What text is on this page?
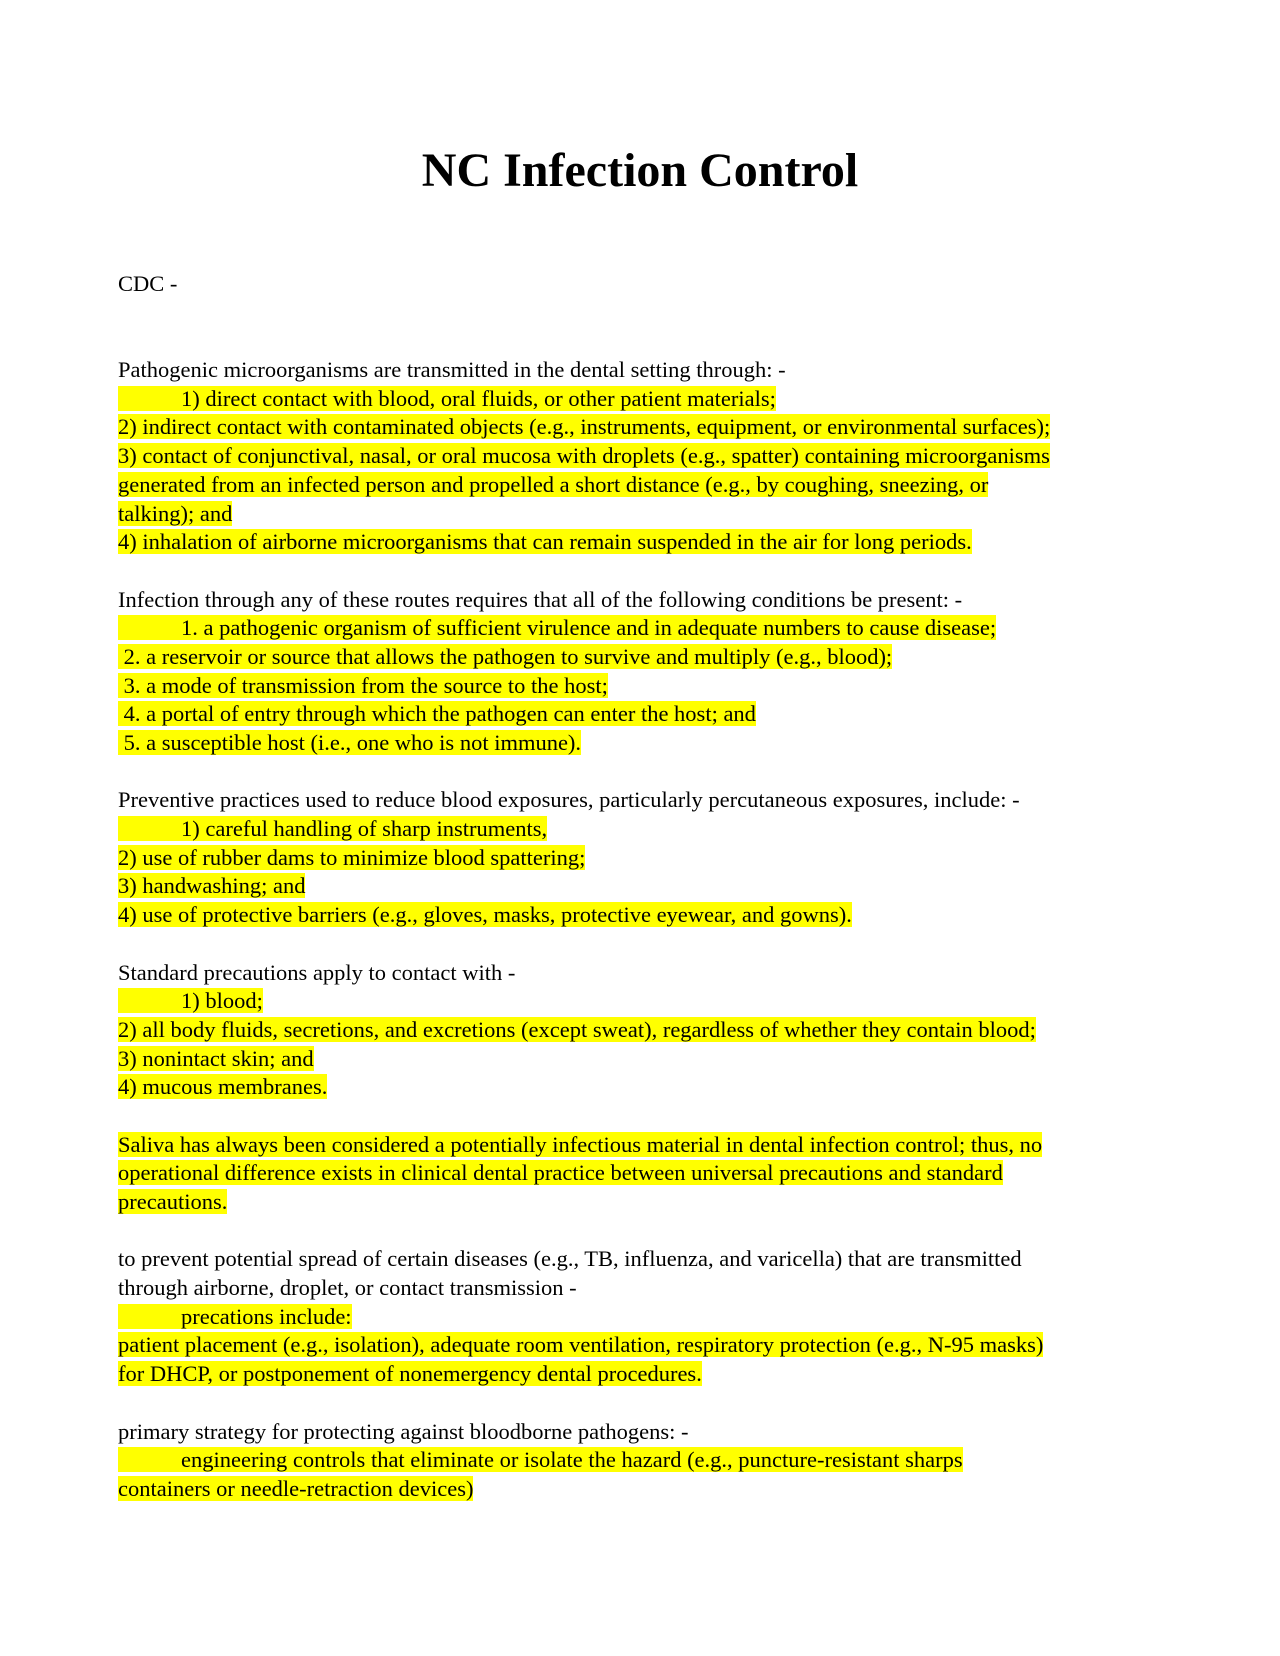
NC Infection Control
CDC -
Pathogenic microorganisms are transmitted in the dental setting through: -
1) direct contact with blood, oral fluids, or other patient materials;
2) indirect contact with contaminated objects (e.g., instruments, equipment, or environmental surfaces);
3) contact of conjunctival, nasal, or oral mucosa with droplets (e.g., spatter) containing microorganisms
generated from an infected person and propelled a short distance (e.g., by coughing, sneezing, or
talking); and
4) inhalation of airborne microorganisms that can remain suspended in the air for long periods.
Infection through any of these routes requires that all of the following conditions be present: -
1. a pathogenic organism of sufficient virulence and in adequate numbers to cause disease;
2. a reservoir or source that allows the pathogen to survive and multiply (e.g., blood);
3. a mode of transmission from the source to the host;
4. a portal of entry through which the pathogen can enter the host; and
5. a susceptible host (i.e., one who is not immune).
Preventive practices used to reduce blood exposures, particularly percutaneous exposures, include: -
1) careful handling of sharp instruments,
2) use of rubber dams to minimize blood spattering;
3) handwashing; and
4) use of protective barriers (e.g., gloves, masks, protective eyewear, and gowns).
Standard precautions apply to contact with -
1) blood;
2) all body fluids, secretions, and excretions (except sweat), regardless of whether they contain blood;
3) nonintact skin; and
4) mucous membranes.
Saliva has always been considered a potentially infectious material in dental infection control; thus, no
operational difference exists in clinical dental practice between universal precautions and standard
precautions.
to prevent potential spread of certain diseases (e.g., TB, influenza, and varicella) that are transmitted
through airborne, droplet, or contact transmission -
precations include:
patient placement (e.g., isolation), adequate room ventilation, respiratory protection (e.g., N-95 masks)
for DHCP, or postponement of nonemergency dental procedures.
primary strategy for protecting against bloodborne pathogens: -
engineering controls that eliminate or isolate the hazard (e.g., puncture-resistant sharps
containers or needle-retraction devices)
